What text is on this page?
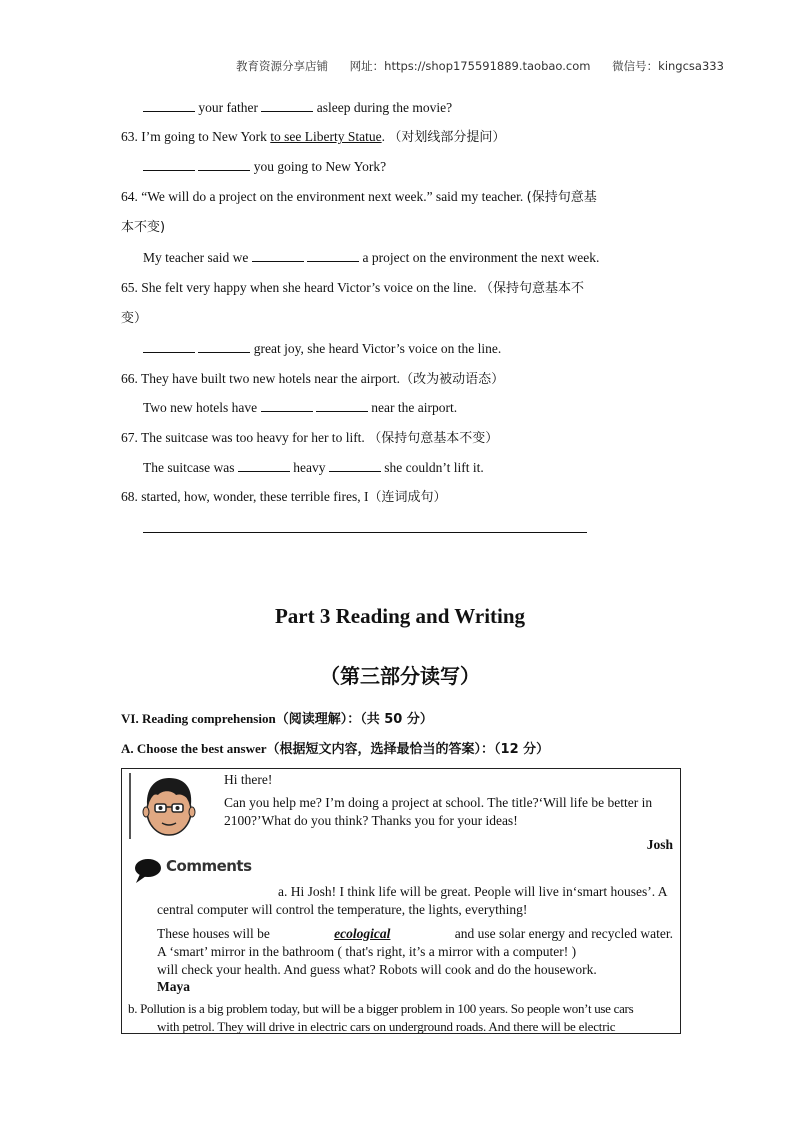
教育资源分享店铺 网址：https://shop175591889.taobao.com 微信号：kingcsa333
your father	asleep during the movie?
63. I’m going to New York to see Liberty Statue. （对划线部分提问）
you going to New York?
64. “We will do a project on the environment next week.” said my teacher. (保持句意基
本不变)
My teacher said we	a project on the environment the next week.
65. She felt very happy when she heard Victor’s voice on the line. （保持句意基本不
变）
great joy, she heard Victor’s voice on the line.
66. They have built two new hotels near the airport.（改为被动语态）
Two new hotels have	near the airport.
67. The suitcase was too heavy for her to lift. （保持句意基本不变）
The suitcase was	heavy	she couldn’t lift it.
68. started, how, wonder, these terrible fires, I（连词成句）
Part 3 Reading and Writing
（第三部分读写）
VI. Reading comprehension（阅读理解）：（共 50 分）
A. Choose the best answer（根据短文内容，选择最恰当的答案）：（12 分）
Hi there!
Can you help me? I’m doing a project at school. The title?‘Will life be better in
2100?’What do you think? Thanks you for your ideas!
Josh
Comments
a. Hi Josh! I think life will be great. People will live in‘smart houses’. A
central computer will control the temperature, the lights, everything!
These houses will be	ecological	and use solar energy and recycled water.
A ‘smart’ mirror in the bathroom ( that's right, it’s a mirror with a computer! )
will check your health. And guess what? Robots will cook and do the housework.
Maya
b. Pollution is a big problem today, but will be a bigger problem in 100 years. So people won’t use cars
with petrol. They will drive in electric cars on underground roads. And there will be electric
